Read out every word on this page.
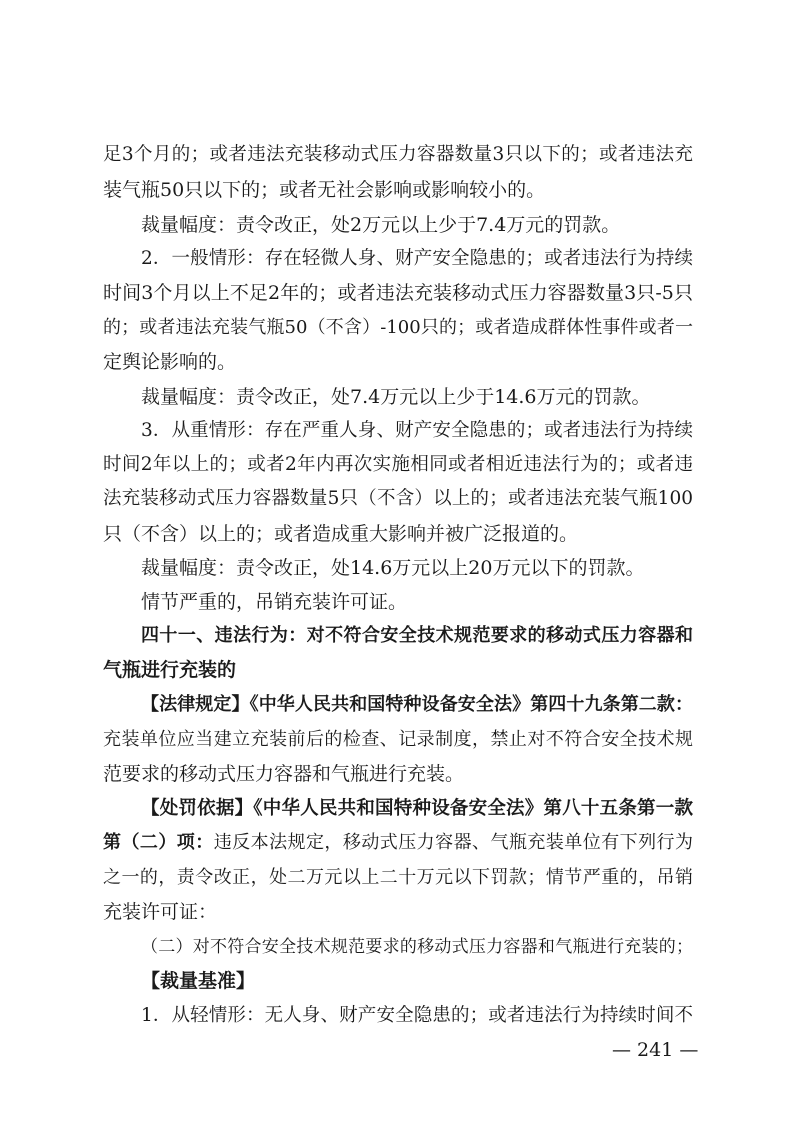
— 241 —
足3个月的；或者违法充装移动式压力容器数量3只以下的；或者违法充
装气瓶50只以下的；或者无社会影响或影响较小的。
裁量幅度：责令改正，处2万元以上少于7.4万元的罚款。
2．一般情形：存在轻微人身、财产安全隐患的；或者违法行为持续
时间3个月以上不足2年的；或者违法充装移动式压力容器数量3只-5只
的；或者违法充装气瓶50（不含）-100只的；或者造成群体性事件或者一
定舆论影响的。
裁量幅度：责令改正，处7.4万元以上少于14.6万元的罚款。
3．从重情形：存在严重人身、财产安全隐患的；或者违法行为持续
时间2年以上的；或者2年内再次实施相同或者相近违法行为的；或者违
法充装移动式压力容器数量5只（不含）以上的；或者违法充装气瓶100
只（不含）以上的；或者造成重大影响并被广泛报道的。
裁量幅度：责令改正，处14.6万元以上20万元以下的罚款。
情节严重的，吊销充装许可证。
四十一、违法行为：对不符合安全技术规范要求的移动式压力容器和
气瓶进行充装的
【法律规定】《中华人民共和国特种设备安全法》第四十九条第二款：
充装单位应当建立充装前后的检查、记录制度，禁止对不符合安全技术规
范要求的移动式压力容器和气瓶进行充装。
【处罚依据】《中华人民共和国特种设备安全法》第八十五条第一款
第（二）项：违反本法规定，移动式压力容器、气瓶充装单位有下列行为
之一的，责令改正，处二万元以上二十万元以下罚款；情节严重的，吊销
充装许可证：
（二）对不符合安全技术规范要求的移动式压力容器和气瓶进行充装的；
【裁量基准】
1．从轻情形：无人身、财产安全隐患的；或者违法行为持续时间不
